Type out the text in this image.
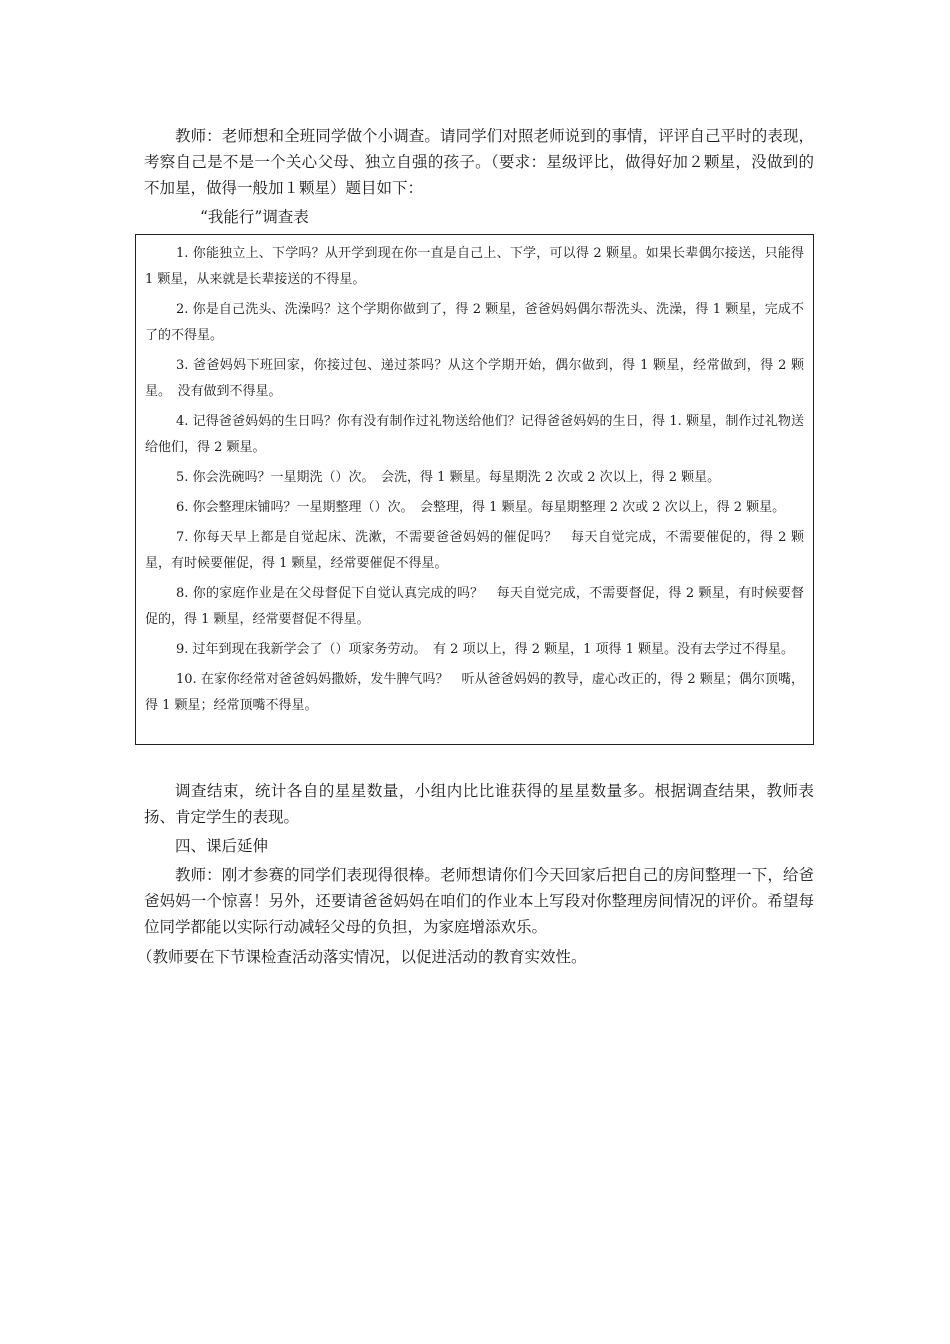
教师：老师想和全班同学做个小调查。请同学们对照老师说到的事情，评评自己平时的表现，考察自己是不是一个关心父母、独立自强的孩子。（要求：星级评比，做得好加２颗星，没做到的不加星，做得一般加１颗星）题目如下：

“我能行”调查表

1. 你能独立上、下学吗？从开学到现在你一直是自己上、下学，可以得 2 颗星。如果长辈偶尔接送，只能得 1 颗星，从来就是长辈接送的不得星。
2. 你是自己洗头、洗澡吗？这个学期你做到了，得 2 颗星，爸爸妈妈偶尔帮洗头、洗澡，得 1 颗星，完成不了的不得星。
3. 爸爸妈妈下班回家，你接过包、递过茶吗？从这个学期开始，偶尔做到，得 1 颗星，经常做到，得 2 颗星。　没有做到不得星。
4. 记得爸爸妈妈的生日吗？你有没有制作过礼物送给他们？记得爸爸妈妈的生日，得 1. 颗星，制作过礼物送给他们，得 2 颗星。
5. 你会洗碗吗？一星期洗（）次。　会洗，得 1 颗星。每星期洗 2 次或 2 次以上，得 2 颗星。
6. 你会整理床铺吗？一星期整理（）次。　会整理，得 1 颗星。每星期整理 2 次或 2 次以上，得 2 颗星。
7. 你每天早上都是自觉起床、洗漱，不需要爸爸妈妈的催促吗？　每天自觉完成，不需要催促的，得 2 颗星，有时候要催促，得 1 颗星，经常要催促不得星。
8. 你的家庭作业是在父母督促下自觉认真完成的吗？　每天自觉完成，不需要督促，得 2 颗星，有时候要督促的，得 1 颗星，经常要督促不得星。
9. 过年到现在我新学会了（）项家务劳动。　有 2 项以上，得 2 颗星，1 项得 1 颗星。没有去学过不得星。
10. 在家你经常对爸爸妈妈撒娇，发牛脾气吗？　听从爸爸妈妈的教导，虚心改正的，得 2 颗星；偶尔顶嘴，得 1 颗星；经常顶嘴不得星。

调查结束，统计各自的星星数量，小组内比比谁获得的星星数量多。根据调查结果，教师表扬、肯定学生的表现。

四、课后延伸

教师：刚才参赛的同学们表现得很棒。老师想请你们今天回家后把自己的房间整理一下，给爸爸妈妈一个惊喜！另外，还要请爸爸妈妈在咱们的作业本上写段对你整理房间情况的评价。希望每位同学都能以实际行动减轻父母的负担，为家庭增添欢乐。

（教师要在下节课检查活动落实情况，以促进活动的教育实效性。
